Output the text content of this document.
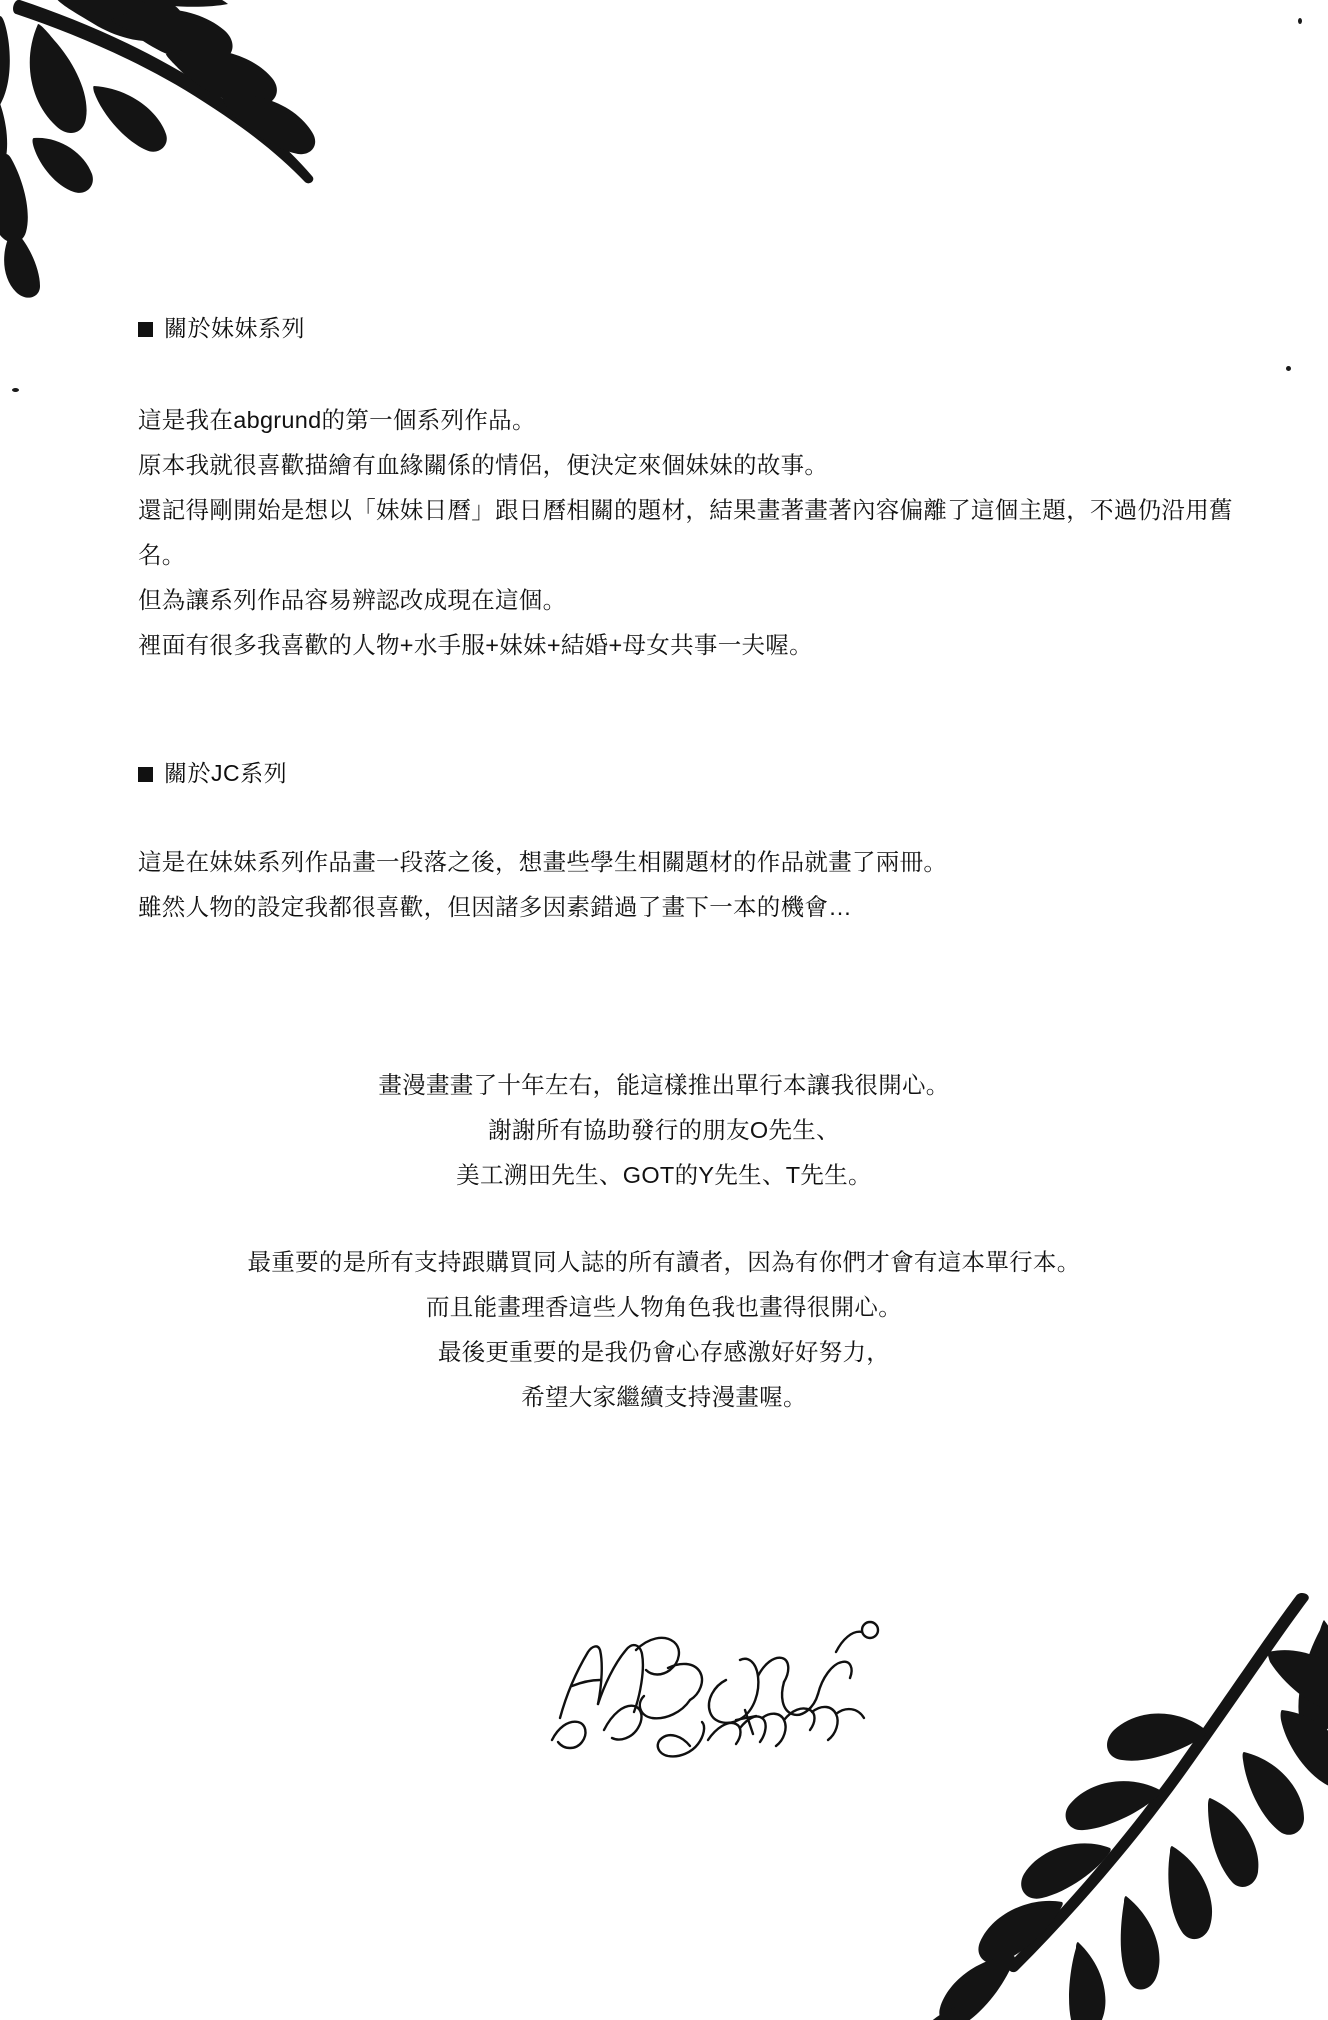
關於妹妹系列
這是我在abgrund的第一個系列作品。
原本我就很喜歡描繪有血緣關係的情侶，便決定來個妹妹的故事。
還記得剛開始是想以「妹妹日曆」跟日曆相關的題材，結果畫著畫著內容偏離了這個主題，不過仍沿用舊名。
但為讓系列作品容易辨認改成現在這個。
裡面有很多我喜歡的人物+水手服+妹妹+結婚+母女共事一夫喔。
關於JC系列
這是在妹妹系列作品畫一段落之後，想畫些學生相關題材的作品就畫了兩冊。
雖然人物的設定我都很喜歡，但因諸多因素錯過了畫下一本的機會…
畫漫畫畫了十年左右，能這樣推出單行本讓我很開心。
謝謝所有協助發行的朋友O先生、
美工溯田先生、GOT的Y先生、T先生。
最重要的是所有支持跟購買同人誌的所有讀者，因為有你們才會有這本單行本。
而且能畫理香這些人物角色我也畫得很開心。
最後更重要的是我仍會心存感激好好努力，
希望大家繼續支持漫畫喔。
